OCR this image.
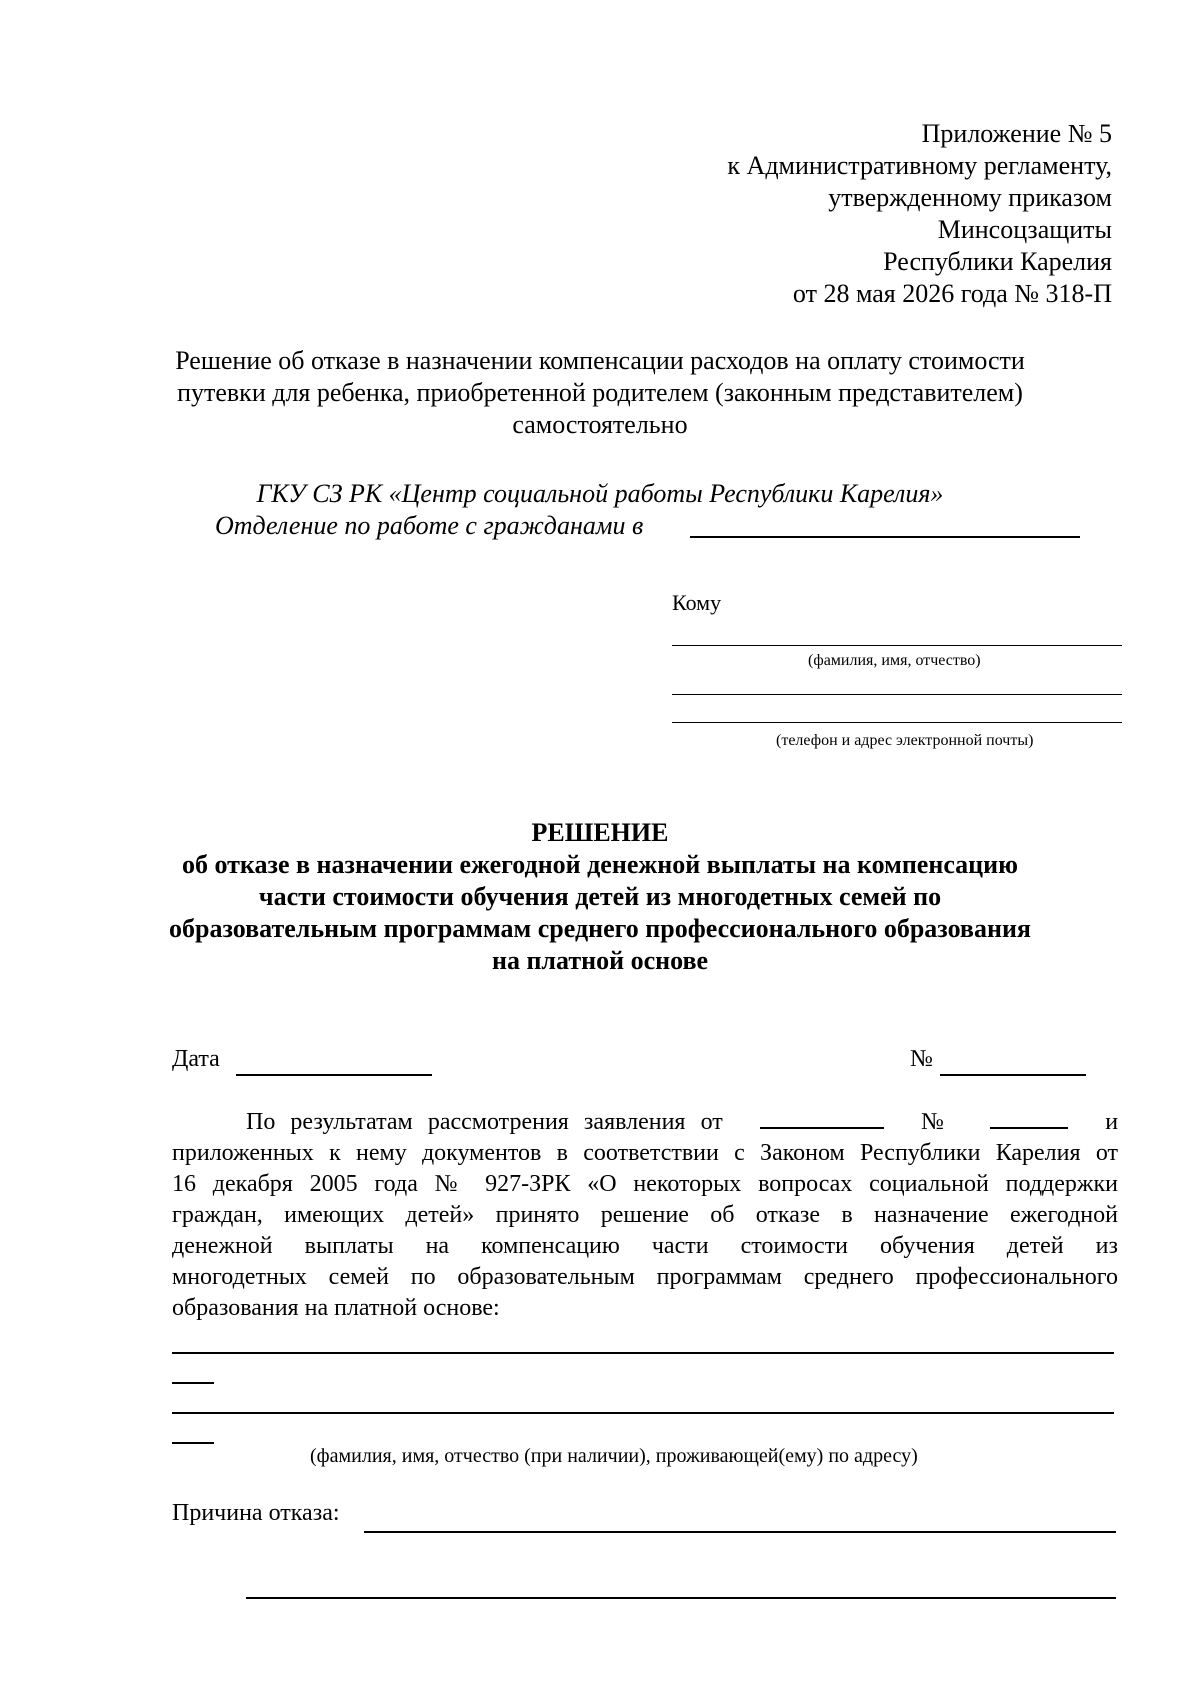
Приложение № 5
к Административному регламенту,
утвержденному приказом
Минсоцзащиты
Республики Карелия
от 28 мая 2026 года № 318-П
Решение об отказе в назначении компенсации расходов на оплату стоимости
путевки для ребенка, приобретенной родителем (законным представителем)
самостоятельно
ГКУ СЗ РК «Центр социальной работы Республики Карелия»
Отделение по работе с гражданами в
Кому
(фамилия, имя, отчество)
(телефон и адрес электронной почты)
РЕШЕНИЕ
об отказе в назначении ежегодной денежной выплаты на компенсацию
части стоимости обучения детей из многодетных семей по
образовательным программам среднего профессионального образования
на платной основе
Дата	№
По результатам рассмотрения заявления от	№	и
приложенных к нему документов в соответствии с Законом Республики Карелия от
16 декабря 2005 года № 927-ЗРК «О некоторых вопросах социальной поддержки
граждан, имеющих детей» принято решение об отказе в назначение ежегодной
денежной выплаты на компенсацию части стоимости обучения детей из
многодетных семей по образовательным программам среднего профессионального
образования на платной основе:
(фамилия, имя, отчество (при наличии), проживающей(ему) по адресу)
Причина отказа:
